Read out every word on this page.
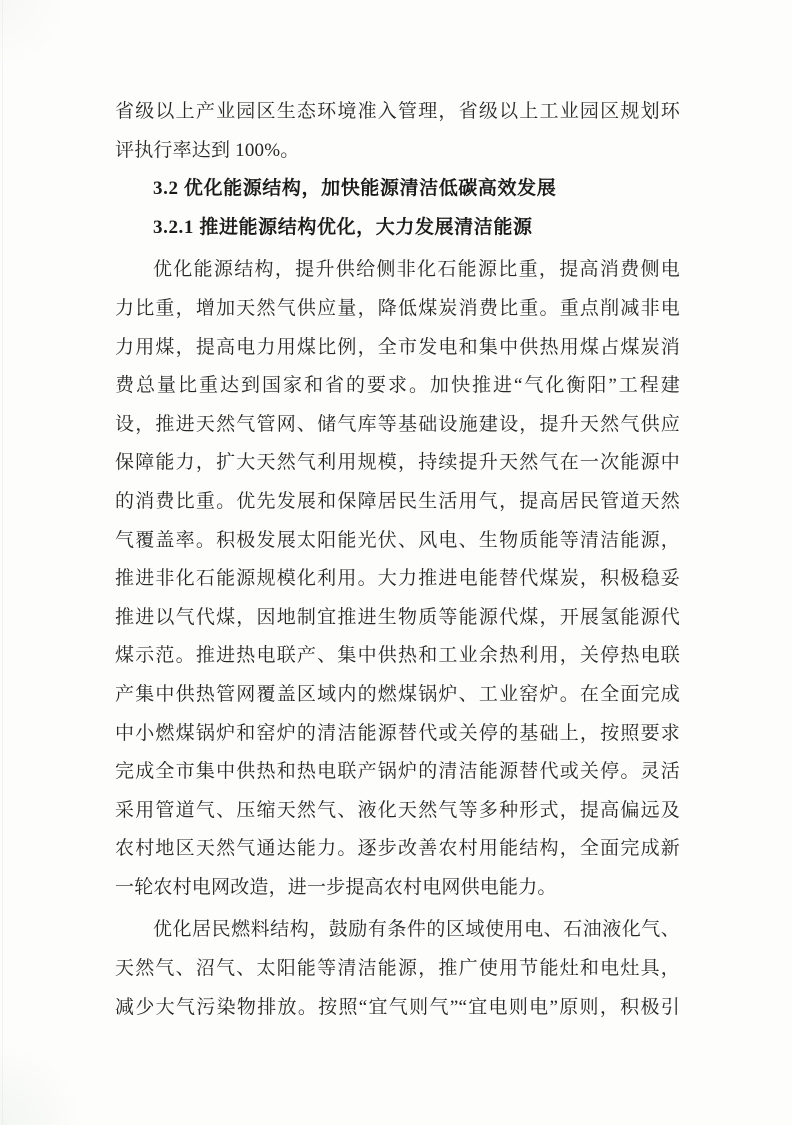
省级以上产业园区生态环境准入管理，省级以上工业园区规划环
评执行率达到 100%。
3.2 优化能源结构，加快能源清洁低碳高效发展
3.2.1 推进能源结构优化，大力发展清洁能源
优化能源结构，提升供给侧非化石能源比重，提高消费侧电
力比重，增加天然气供应量，降低煤炭消费比重。重点削减非电
力用煤，提高电力用煤比例，全市发电和集中供热用煤占煤炭消
费总量比重达到国家和省的要求。加快推进“气化衡阳”工程建
设，推进天然气管网、储气库等基础设施建设，提升天然气供应
保障能力，扩大天然气利用规模，持续提升天然气在一次能源中
的消费比重。优先发展和保障居民生活用气，提高居民管道天然
气覆盖率。积极发展太阳能光伏、风电、生物质能等清洁能源，
推进非化石能源规模化利用。大力推进电能替代煤炭，积极稳妥
推进以气代煤，因地制宜推进生物质等能源代煤，开展氢能源代
煤示范。推进热电联产、集中供热和工业余热利用，关停热电联
产集中供热管网覆盖区域内的燃煤锅炉、工业窑炉。在全面完成
中小燃煤锅炉和窑炉的清洁能源替代或关停的基础上，按照要求
完成全市集中供热和热电联产锅炉的清洁能源替代或关停。灵活
采用管道气、压缩天然气、液化天然气等多种形式，提高偏远及
农村地区天然气通达能力。逐步改善农村用能结构，全面完成新
一轮农村电网改造，进一步提高农村电网供电能力。
优化居民燃料结构，鼓励有条件的区域使用电、石油液化气、
天然气、沼气、太阳能等清洁能源，推广使用节能灶和电灶具，
减少大气污染物排放。按照“宜气则气”“宜电则电”原则，积极引
